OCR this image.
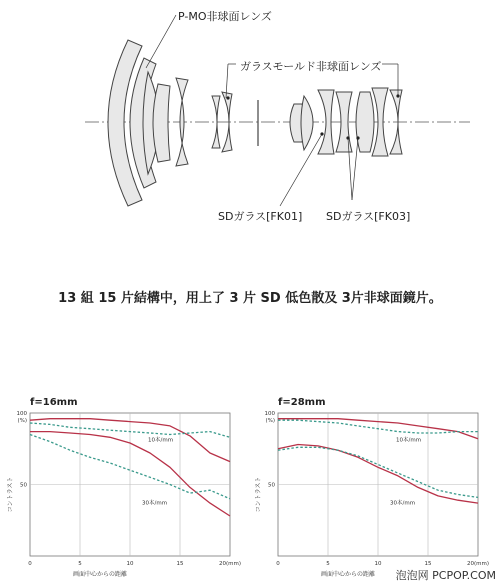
P-MO非球面レンズ
ガラスモールド非球面レンズ
SDガラス[FK01] SDガラス[FK03]
13 組 15 片結構中，用上了 3 片 SD 低色散及 3片非球面鏡片。
f=16mm
0	5	10	15	20(mm)
100
(%)
50
コントラスト
画面中心からの距離
10本/mm
30本/mm
f=28mm
0	5	10	15	20(mm)
100
(%)
50
コントラスト
画面中心からの距離
10本/mm
30本/mm
泡泡网 PCPOP.COM
